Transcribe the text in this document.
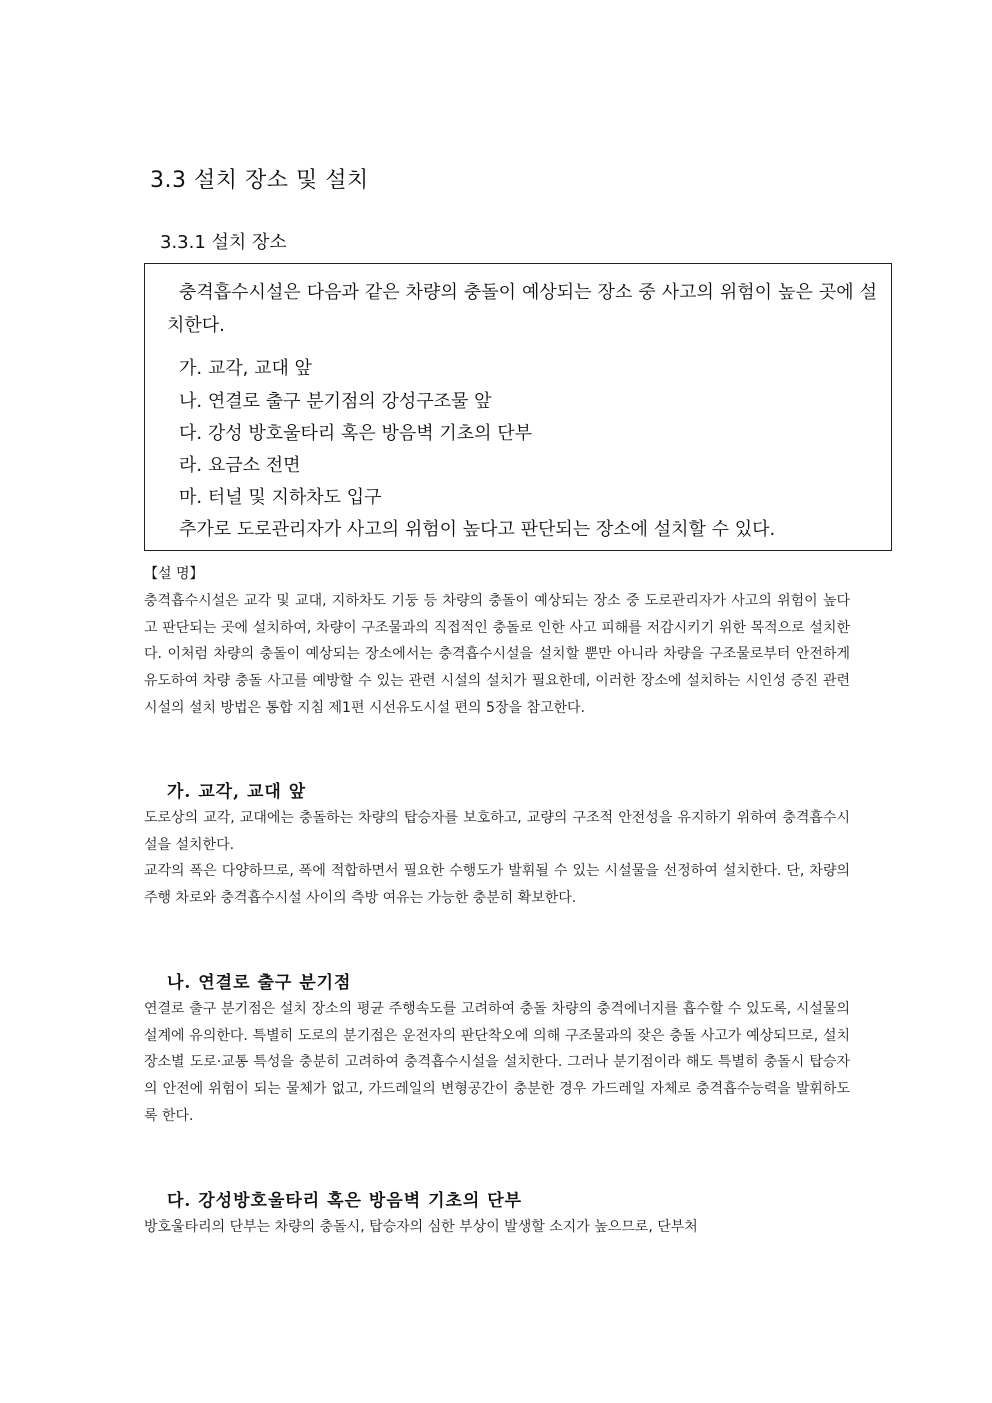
3.3 설치 장소 및 설치
3.3.1 설치 장소

충격흡수시설은 다음과 같은 차량의 충돌이 예상되는 장소 중 사고의 위험이 높은 곳에 설치한다.

가. 교각, 교대 앞

나. 연결로 출구 분기점의 강성구조물 앞

다. 강성 방호울타리 혹은 방음벽 기초의 단부

라. 요금소 전면

마. 터널 및 지하차도 입구

추가로 도로관리자가 사고의 위험이 높다고 판단되는 장소에 설치할 수 있다.

【설 명】

충격흡수시설은 교각 및 교대, 지하차도 기둥 등 차량의 충돌이 예상되는 장소 중 도로관리자가 사고의 위험이 높다고 판단되는 곳에 설치하여, 차량이 구조물과의 직접적인 충돌로 인한 사고 피해를 저감시키기 위한 목적으로 설치한다. 이처럼 차량의 충돌이 예상되는 장소에서는 충격흡수시설을 설치할 뿐만 아니라 차량을 구조물로부터 안전하게 유도하여 차량 충돌 사고를 예방할 수 있는 관련 시설의 설치가 필요한데, 이러한 장소에 설치하는 시인성 증진 관련 시설의 설치 방법은 통합 지침 제1편 시선유도시설 편의 5장을 참고한다.

가. 교각, 교대 앞

도로상의 교각, 교대에는 충돌하는 차량의 탑승자를 보호하고, 교량의 구조적 안전성을 유지하기 위하여 충격흡수시설을 설치한다.

교각의 폭은 다양하므로, 폭에 적합하면서 필요한 수행도가 발휘될 수 있는 시설물을 선정하여 설치한다. 단, 차량의 주행 차로와 충격흡수시설 사이의 측방 여유는 가능한 충분히 확보한다.

나. 연결로 출구 분기점

연결로 출구 분기점은 설치 장소의 평균 주행속도를 고려하여 충돌 차량의 충격에너지를 흡수할 수 있도록, 시설물의 설계에 유의한다. 특별히 도로의 분기점은 운전자의 판단착오에 의해 구조물과의 잦은 충돌 사고가 예상되므로, 설치 장소별 도로·교통 특성을 충분히 고려하여 충격흡수시설을 설치한다. 그러나 분기점이라 해도 특별히 충돌시 탑승자의 안전에 위험이 되는 물체가 없고, 가드레일의 변형공간이 충분한 경우 가드레일 자체로 충격흡수능력을 발휘하도록 한다.

다. 강성방호울타리 혹은 방음벽 기초의 단부

방호울타리의 단부는 차량의 충돌시, 탑승자의 심한 부상이 발생할 소지가 높으므로, 단부처
